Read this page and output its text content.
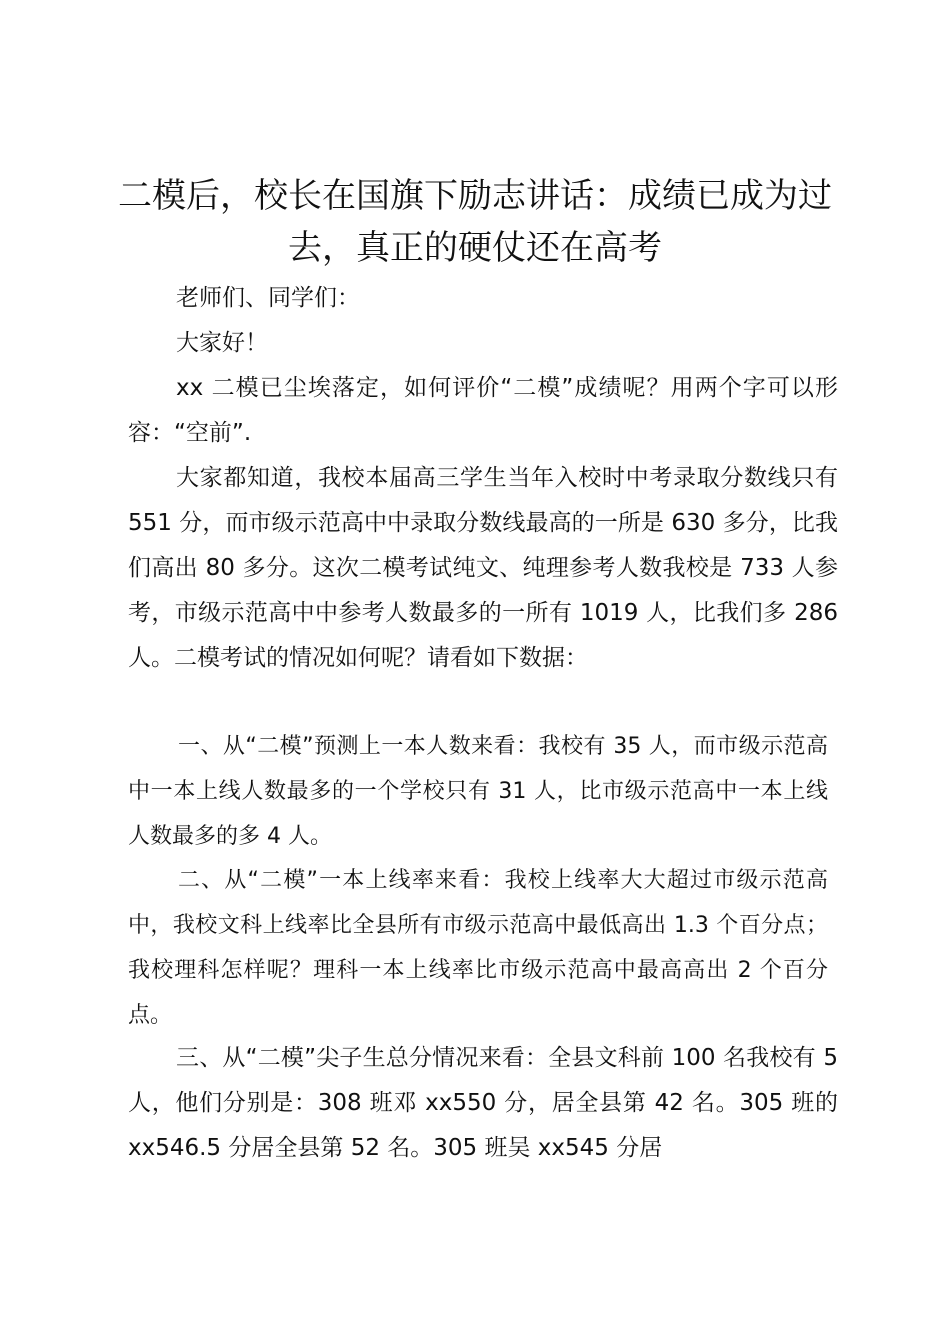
二模后，校长在国旗下励志讲话：成绩已成为过去，真正的硬仗还在高考

老师们、同学们：

大家好！

xx 二模已尘埃落定，如何评价“二模”成绩呢？用两个字可以形容：“空前”.

大家都知道，我校本届高三学生当年入校时中考录取分数线只有 551 分，而市级示范高中中录取分数线最高的一所是 630 多分，比我们高出 80 多分。这次二模考试纯文、纯理参考人数我校是 733 人参考，市级示范高中中参考人数最多的一所有 1019 人，比我们多 286 人。二模考试的情况如何呢？请看如下数据：

一、从“二模”预测上一本人数来看：我校有 35 人，而市级示范高中一本上线人数最多的一个学校只有 31 人，比市级示范高中一本上线人数最多的多 4 人。

二、从“二模”一本上线率来看：我校上线率大大超过市级示范高中，我校文科上线率比全县所有市级示范高中最低高出 1.3 个百分点；我校理科怎样呢？理科一本上线率比市级示范高中最高高出 2 个百分点。

三、从“二模”尖子生总分情况来看：全县文科前 100 名我校有 5 人，他们分别是：308 班邓 xx550 分，居全县第 42 名。305 班的 xx546.5 分居全县第 52 名。305 班吴 xx545 分居
